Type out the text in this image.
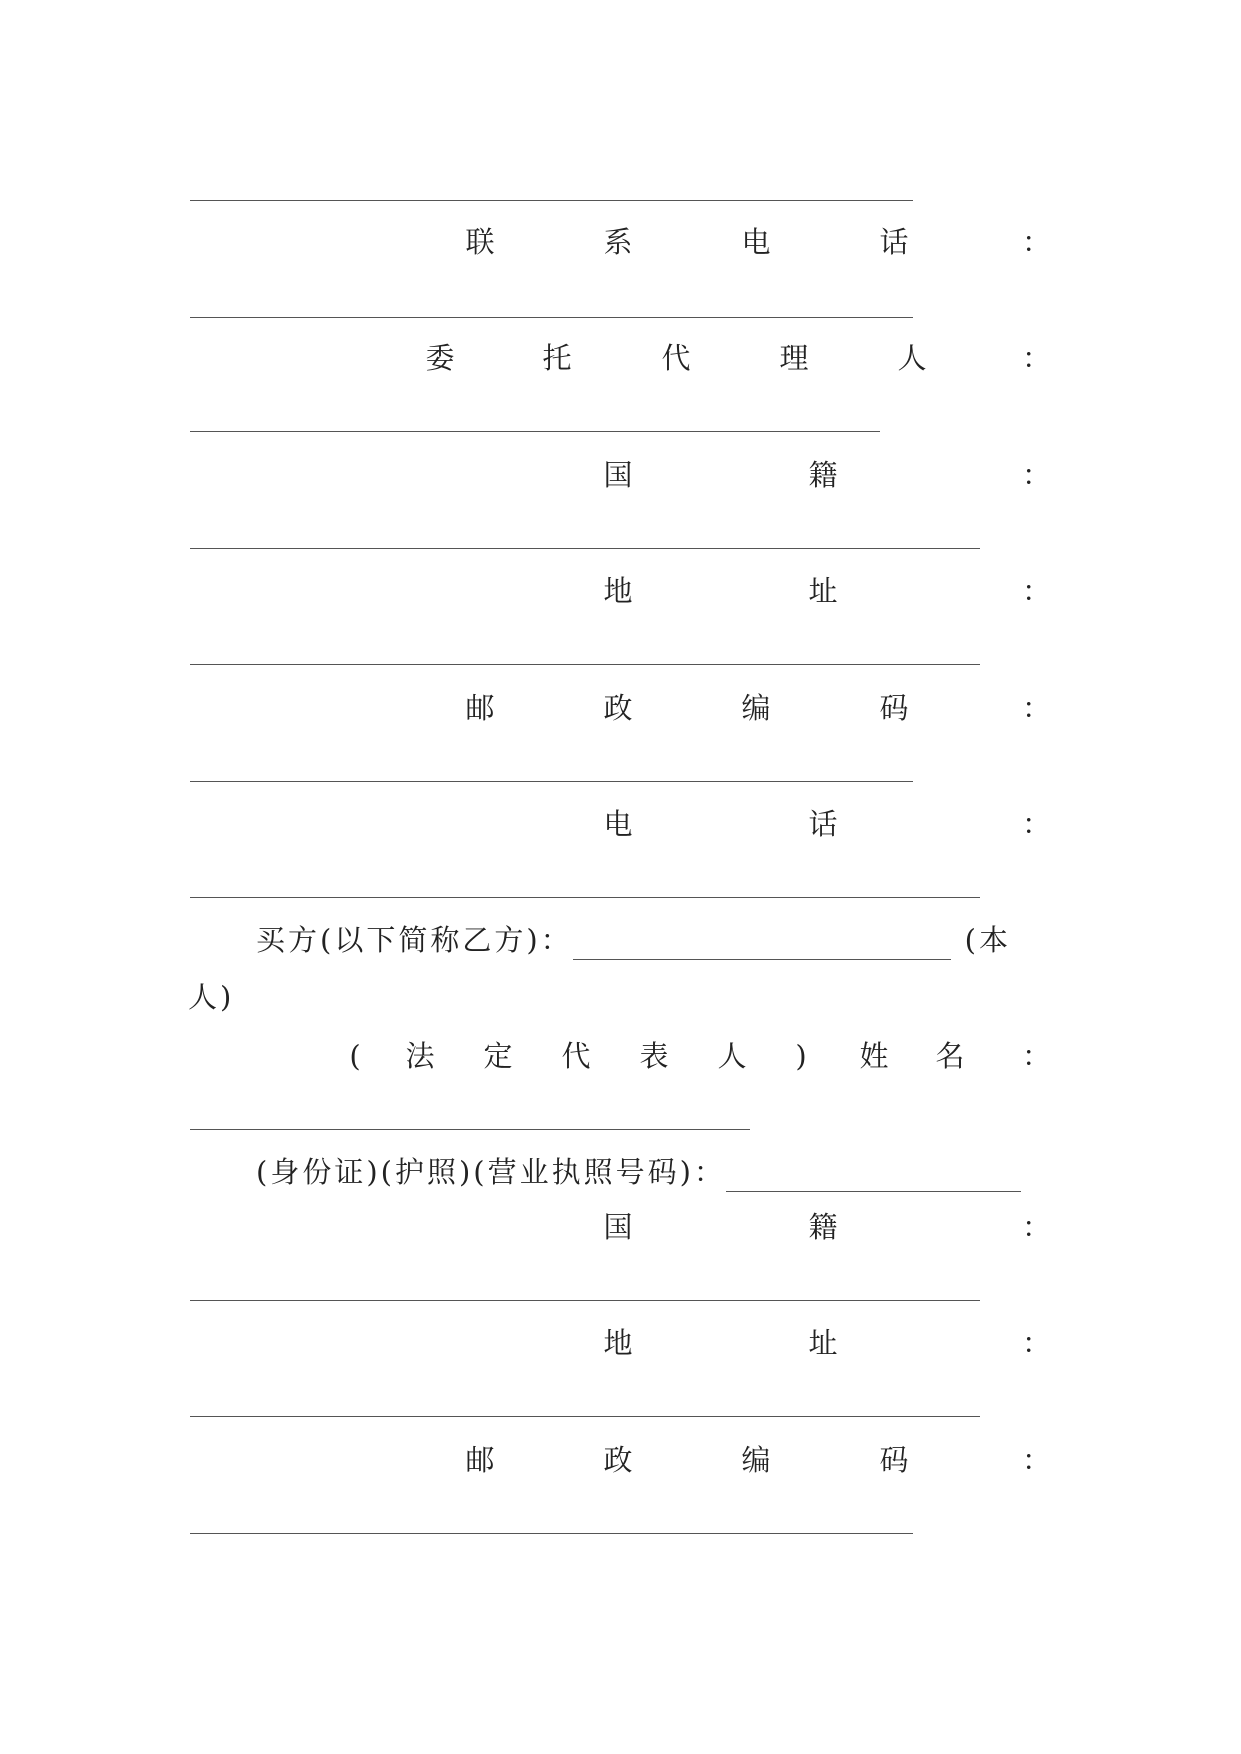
联	系	电	话	：
委	托	代	理	人	：
国	籍	：
地	址	：
邮	政	编	码	：
电	话	：
买方(以下简称乙方)：	(本
人)
( 法 定 代 表 人 ) 姓 名 ：
(身份证)(护照)(营业执照号码)：
国	籍	：
地	址	：
邮	政	编	码	：
